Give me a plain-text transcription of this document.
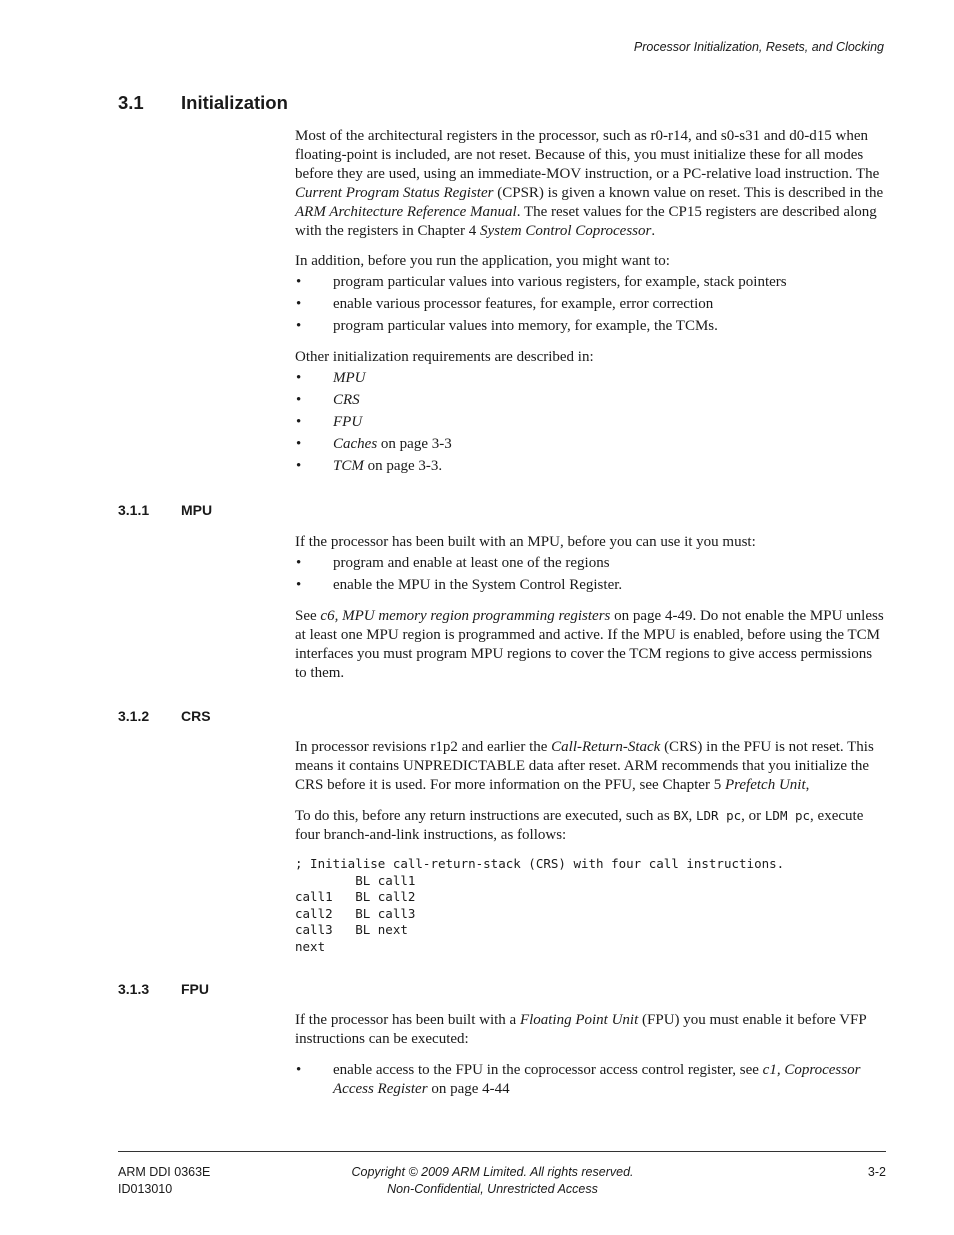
Processor Initialization, Resets, and Clocking
3.1 Initialization

Most of the architectural registers in the processor, such as r0-r14, and s0-s31 and d0-d15 when floating-point is included, are not reset. Because of this, you must initialize these for all modes before they are used, using an immediate-MOV instruction, or a PC-relative load instruction. The Current Program Status Register (CPSR) is given a known value on reset. This is described in the ARM Architecture Reference Manual. The reset values for the CP15 registers are described along with the registers in Chapter 4 System Control Coprocessor.

In addition, before you run the application, you might want to:

• program particular values into various registers, for example, stack pointers
• enable various processor features, for example, error correction
• program particular values into memory, for example, the TCMs.

Other initialization requirements are described in:

• MPU
• CRS
• FPU
• Caches on page 3-3
• TCM on page 3-3.
3.1.1 MPU

If the processor has been built with an MPU, before you can use it you must:

• program and enable at least one of the regions
• enable the MPU in the System Control Register.

See c6, MPU memory region programming registers on page 4-49. Do not enable the MPU unless at least one MPU region is programmed and active. If the MPU is enabled, before using the TCM interfaces you must program MPU regions to cover the TCM regions to give access permissions to them.

3.1.2 CRS

In processor revisions r1p2 and earlier the Call-Return-Stack (CRS) in the PFU is not reset. This means it contains UNPREDICTABLE data after reset. ARM recommends that you initialize the CRS before it is used. For more information on the PFU, see Chapter 5 Prefetch Unit,

To do this, before any return instructions are executed, such as BX, LDR pc, or LDM pc, execute four branch-and-link instructions, as follows:

; Initialise call-return-stack (CRS) with four call instructions.
BL call1
call1   BL call2
call2   BL call3
call3   BL next
next
3.1.3 FPU

If the processor has been built with a Floating Point Unit (FPU) you must enable it before VFP instructions can be executed:

• enable access to the FPU in the coprocessor access control register, see c1, Coprocessor Access Register on page 4-44
ARM DDI 0363E
ID013010
Copyright © 2009 ARM Limited. All rights reserved.
Non-Confidential, Unrestricted Access
3-2
